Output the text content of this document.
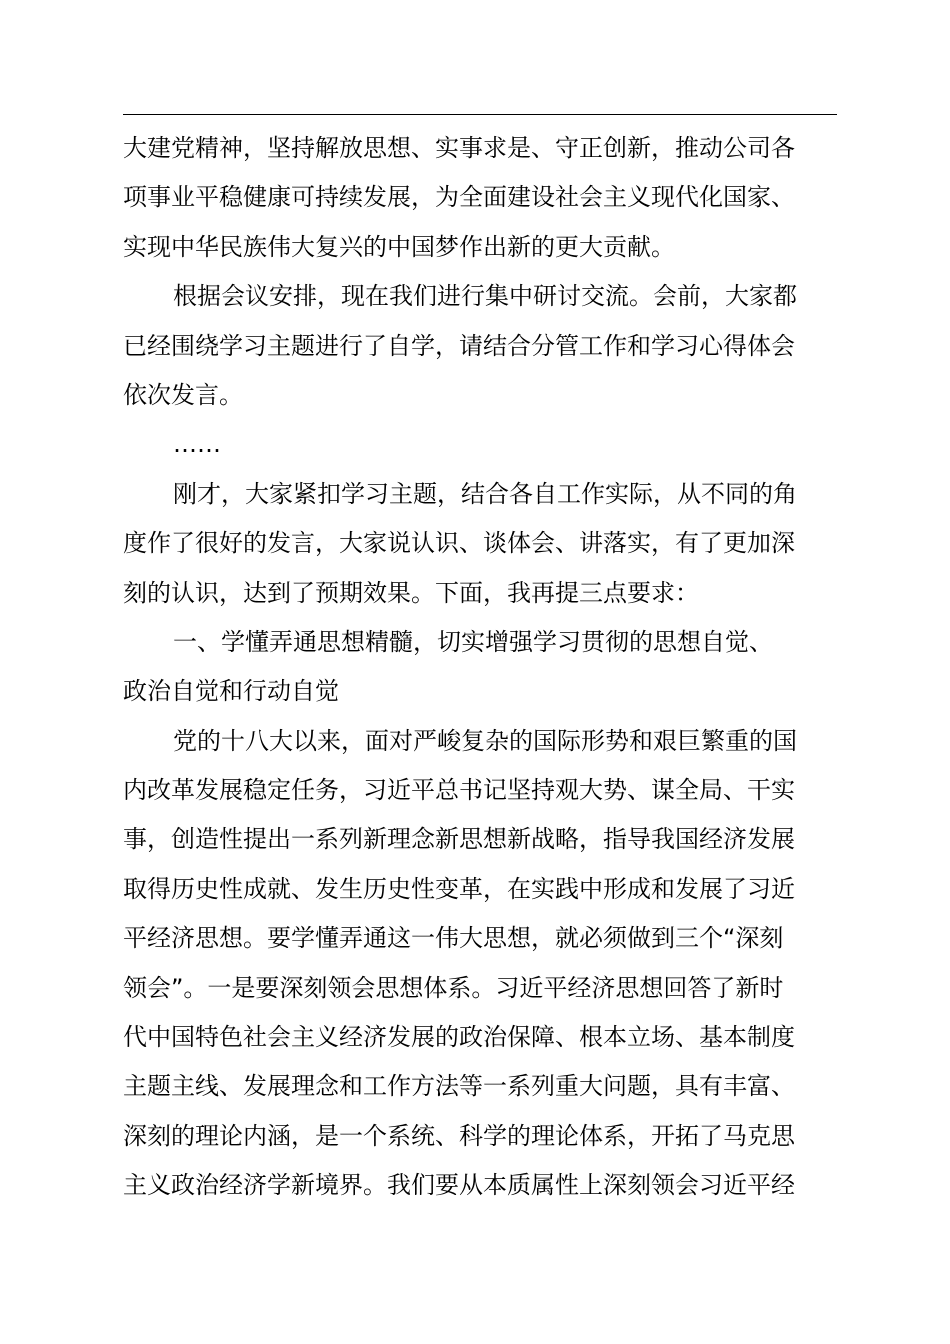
大建党精神，坚持解放思想、实事求是、守正创新，推动公司各
项事业平稳健康可持续发展，为全面建设社会主义现代化国家、
实现中华民族伟大复兴的中国梦作出新的更大贡献。
根据会议安排，现在我们进行集中研讨交流。会前，大家都
已经围绕学习主题进行了自学，请结合分管工作和学习心得体会
依次发言。
……
刚才，大家紧扣学习主题，结合各自工作实际，从不同的角
度作了很好的发言，大家说认识、谈体会、讲落实，有了更加深
刻的认识，达到了预期效果。下面，我再提三点要求：
一、学懂弄通思想精髓，切实增强学习贯彻的思想自觉、
政治自觉和行动自觉
党的十八大以来，面对严峻复杂的国际形势和艰巨繁重的国
内改革发展稳定任务，习近平总书记坚持观大势、谋全局、干实
事，创造性提出一系列新理念新思想新战略，指导我国经济发展
取得历史性成就、发生历史性变革，在实践中形成和发展了习近
平经济思想。要学懂弄通这一伟大思想，就必须做到三个“深刻
领会”。一是要深刻领会思想体系。习近平经济思想回答了新时
代中国特色社会主义经济发展的政治保障、根本立场、基本制度
主题主线、发展理念和工作方法等一系列重大问题，具有丰富、
深刻的理论内涵，是一个系统、科学的理论体系，开拓了马克思
主义政治经济学新境界。我们要从本质属性上深刻领会习近平经
